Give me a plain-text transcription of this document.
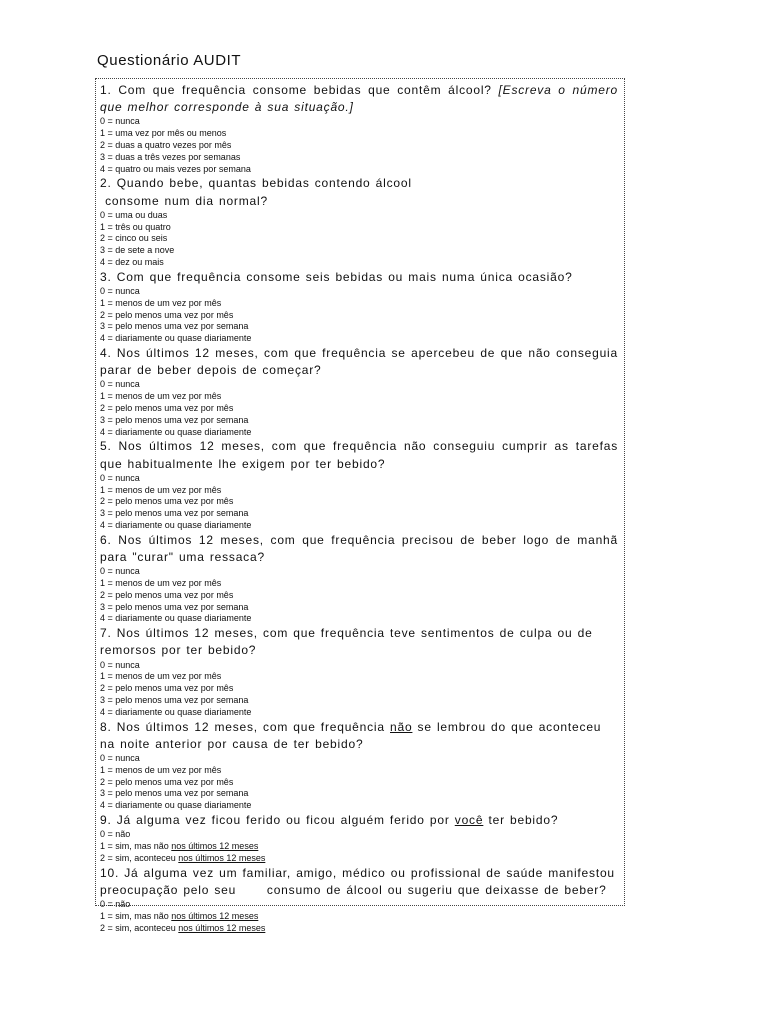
Questionário AUDIT

1. Com que frequência consome bebidas que contêm álcool? [Escreva o número que melhor corresponde à sua situação.]

0 = nunca
1 = uma vez por mês ou menos
2 = duas a quatro vezes por mês
3 = duas a três vezes por semanas
4 = quatro ou mais vezes por semana

2. Quando bebe, quantas bebidas contendo álcool
consome num dia normal?

0 = uma ou duas
1 = três ou quatro
2 = cinco ou seis
3 = de sete a nove
4 = dez ou mais

3. Com que frequência consome seis bebidas ou mais numa única ocasião?

0 = nunca
1 = menos de um vez por mês
2 = pelo menos uma vez por mês
3 = pelo menos uma vez por semana
4 = diariamente ou quase diariamente

4. Nos últimos 12 meses, com que frequência se apercebeu de que não conseguia parar de beber depois de começar?

0 = nunca
1 = menos de um vez por mês
2 = pelo menos uma vez por mês
3 = pelo menos uma vez por semana
4 = diariamente ou quase diariamente

5. Nos últimos 12 meses, com que frequência não conseguiu cumprir as tarefas que habitualmente lhe exigem por ter bebido?

0 = nunca
1 = menos de um vez por mês
2 = pelo menos uma vez por mês
3 = pelo menos uma vez por semana
4 = diariamente ou quase diariamente

6. Nos últimos 12 meses, com que frequência precisou de beber logo de manhã para "curar" uma ressaca?

0 = nunca
1 = menos de um vez por mês
2 = pelo menos uma vez por mês
3 = pelo menos uma vez por semana
4 = diariamente ou quase diariamente

7. Nos últimos 12 meses, com que frequência teve sentimentos de culpa ou de remorsos por ter bebido?

0 = nunca
1 = menos de um vez por mês
2 = pelo menos uma vez por mês
3 = pelo menos uma vez por semana
4 = diariamente ou quase diariamente

8. Nos últimos 12 meses, com que frequência não se lembrou do que aconteceu na noite anterior por causa de ter bebido?

0 = nunca
1 = menos de um vez por mês
2 = pelo menos uma vez por mês
3 = pelo menos uma vez por semana
4 = diariamente ou quase diariamente

9. Já alguma vez ficou ferido ou ficou alguém ferido por você ter bebido?

0 = não
1 = sim, mas não nos últimos 12 meses
2 = sim, aconteceu nos últimos 12 meses

10. Já alguma vez um familiar, amigo, médico ou profissional de saúde manifestou preocupação pelo seu      consumo de álcool ou sugeriu que deixasse de beber?

0 = não
1 = sim, mas não nos últimos 12 meses
2 = sim, aconteceu nos últimos 12 meses
